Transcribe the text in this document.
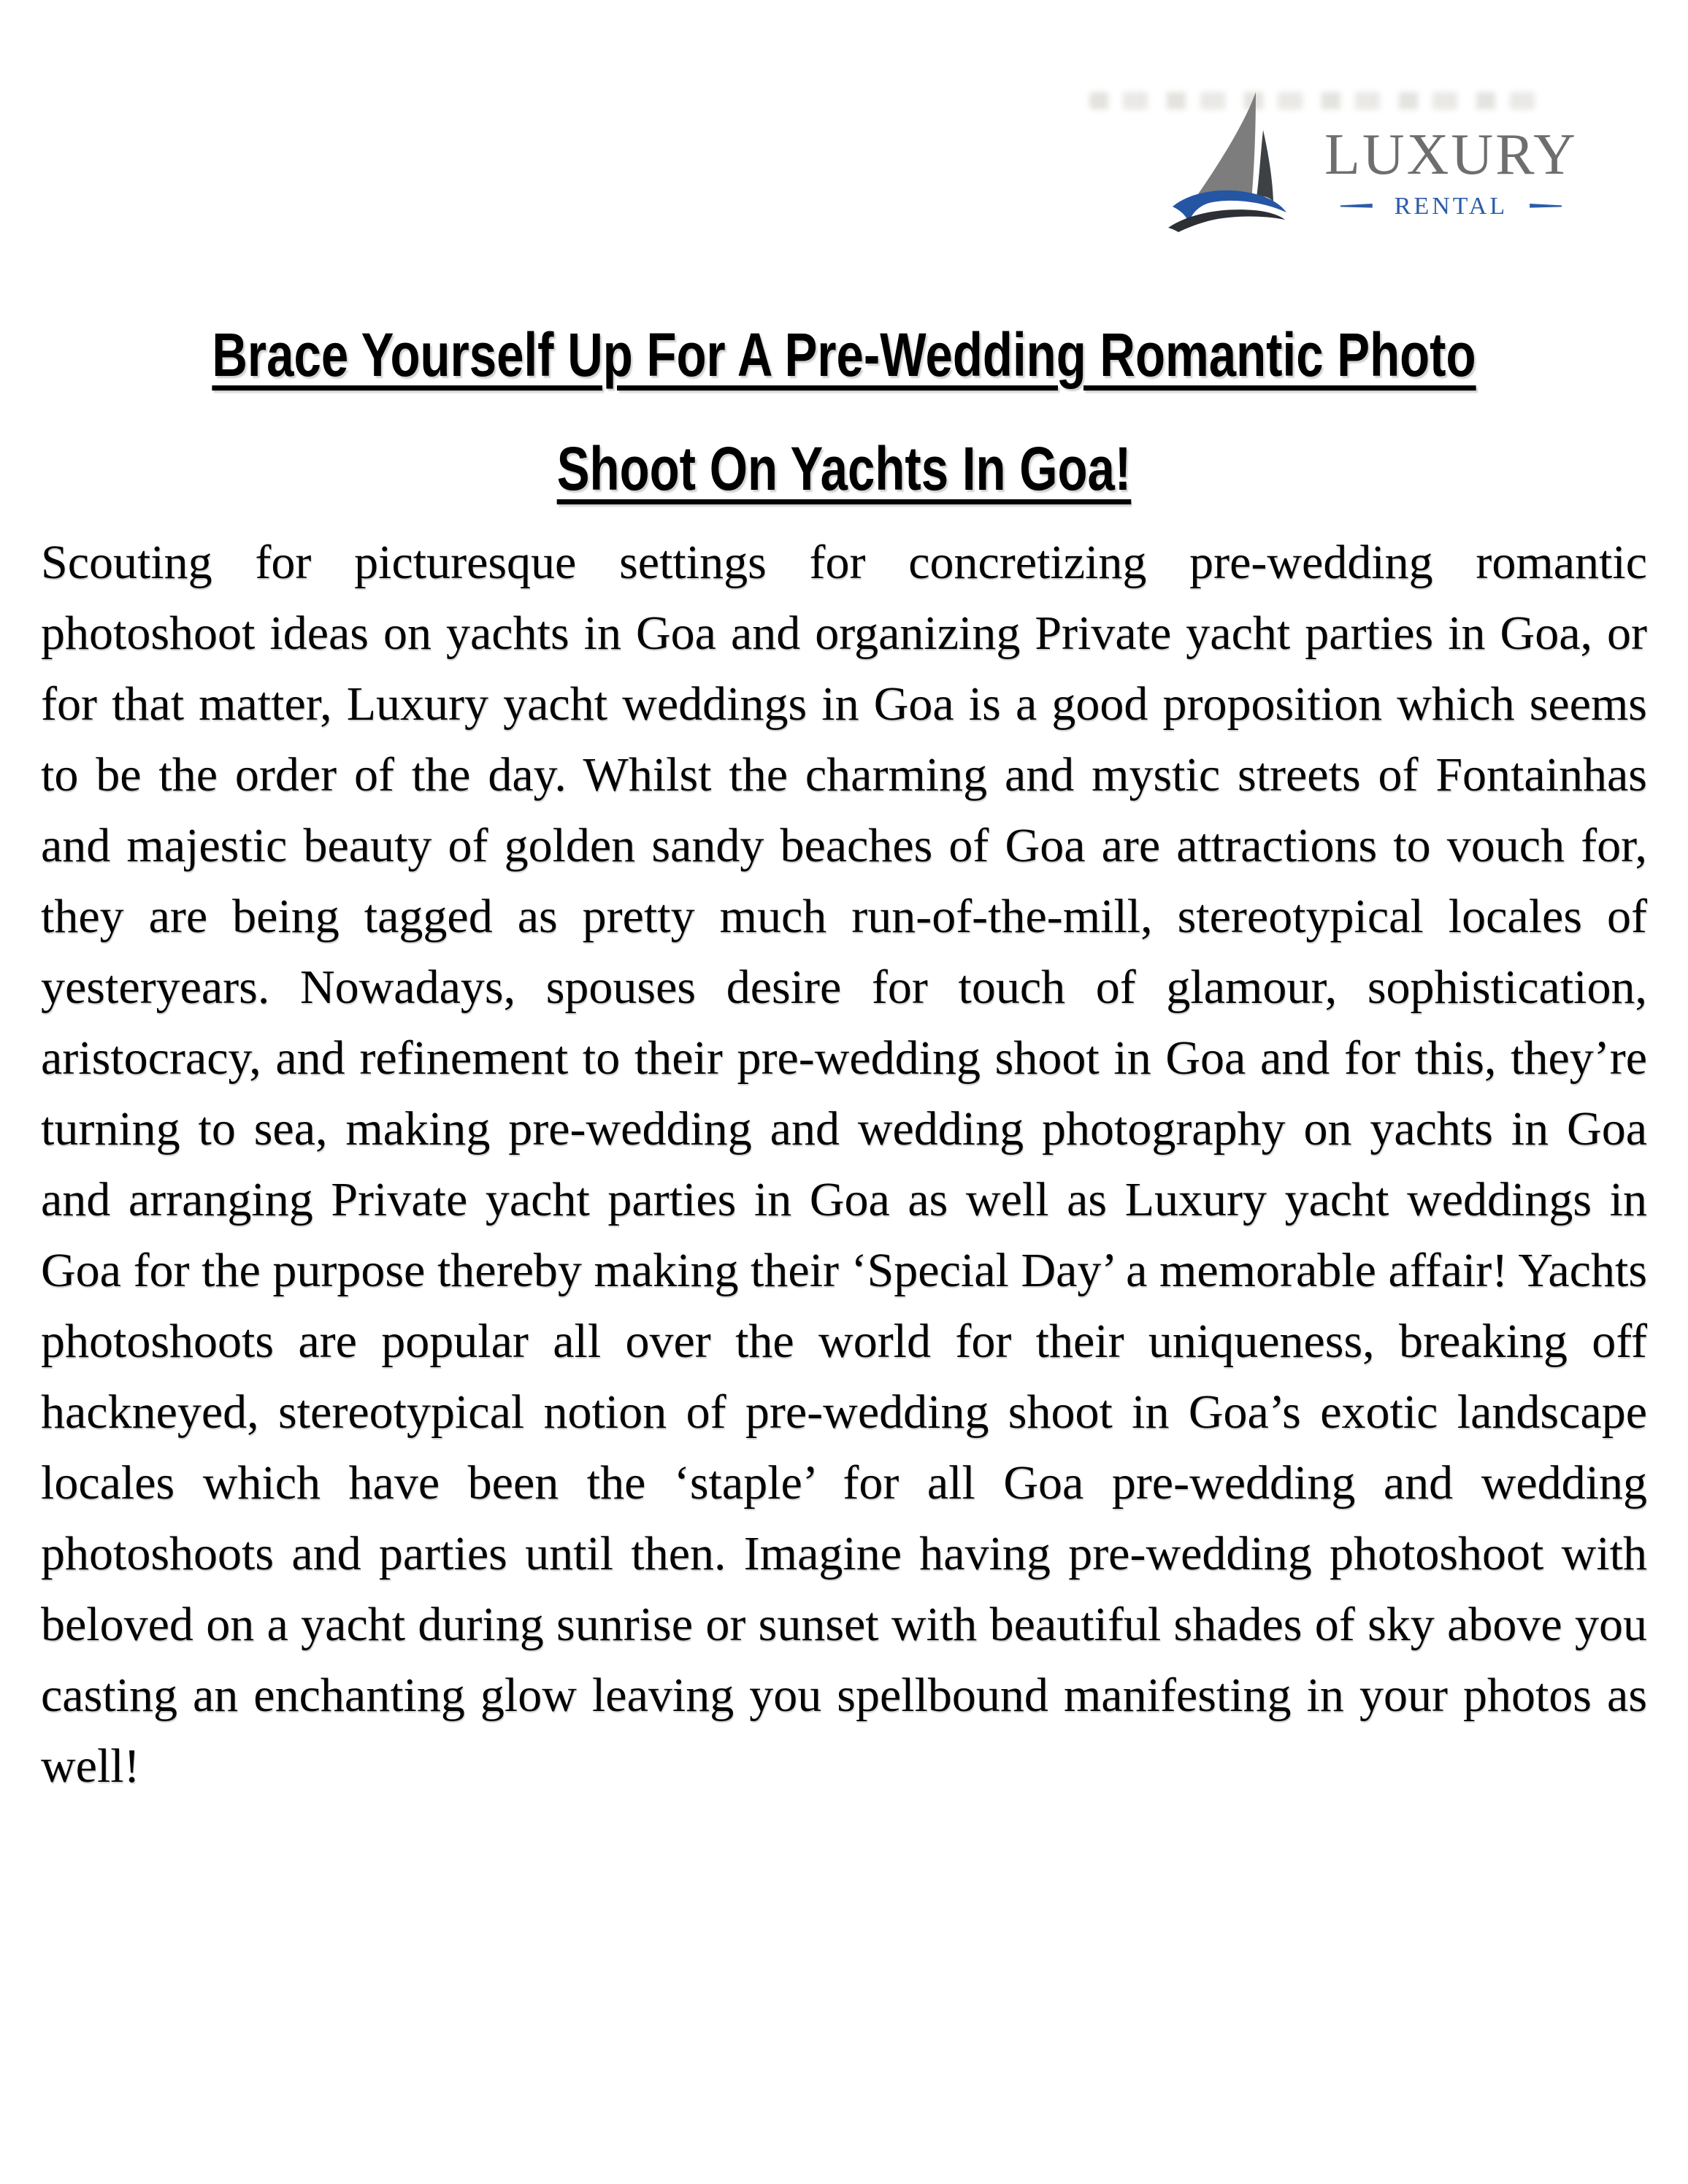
LUXURY
RENTAL
Brace Yourself Up For A Pre-Wedding Romantic Photo
Shoot On Yachts In Goa!

Scouting for picturesque settings for concretizing pre-wedding romantic photoshoot ideas on yachts in Goa and organizing Private yacht parties in Goa, or for that matter, Luxury yacht weddings in Goa is a good proposition which seems to be the order of the day. Whilst the charming and mystic streets of Fontainhas and majestic beauty of golden sandy beaches of Goa are attractions to vouch for, they are being tagged as pretty much run-of-the-mill, stereotypical locales of yesteryears. Nowadays, spouses desire for touch of glamour, sophistication, aristocracy, and refinement to their pre-wedding shoot in Goa and for this, they’re turning to sea, making pre-wedding and wedding photography on yachts in Goa and arranging Private yacht parties in Goa as well as Luxury yacht weddings in Goa for the purpose thereby making their ‘Special Day’ a memorable affair! Yachts photoshoots are popular all over the world for their uniqueness, breaking off hackneyed, stereotypical notion of pre-wedding shoot in Goa’s exotic landscape locales which have been the ‘staple’ for all Goa pre-wedding and wedding photoshoots and parties until then. Imagine having pre-wedding photoshoot with beloved on a yacht during sunrise or sunset with beautiful shades of sky above you casting an enchanting glow leaving you spellbound manifesting in your photos as well!
